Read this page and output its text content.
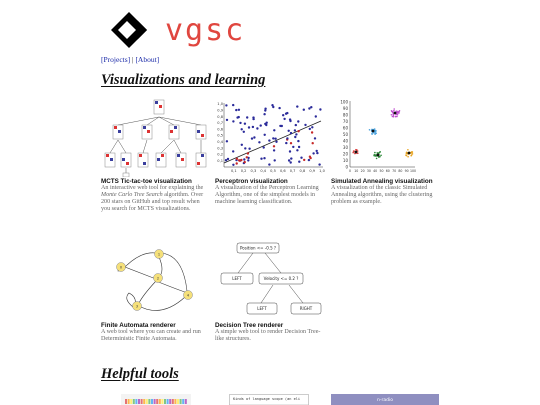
vgsc
[Projects] | [About]
Visualizations and learning
MCTS Tic-tac-toe visualization
An interactive web tool for explaining the Monte Carlo Tree Search algorithm. Over 200 stars on GitHub and top result when you search for MCTS visualizations.
0,1
0,2
0,3
0,4
0,5
0,6
0,7
0,8
0,9
1,0
0,1 0,2 0,3 0,4 0,5 0,6 0,7 0,8 0,9 1,0
Perceptron visualization
A visualization of the Perceptron Learning Algorithm, one of the simplest models in machine learning classification.
100
90
80
70
60
50
40
30
20
10
0
0 10 20 30 40 50 60 70 80 90 100
Simulated Annealing visualization
A visualization of the classic Simulated Annealing algorithm, using the clustering problem as example.
0
1
2
3
4
Finite Automata renderer
A web tool where you can create and run Deterministic Finite Automata.
Position <= -0.5 ?
LEFT	Velocity <= 0.2 ?
LEFT	RIGHT
Decision Tree renderer
A simple web tool to render Decision Tree-like structures.
Helpful tools
Kinds of language scope (an eli	n-radio
